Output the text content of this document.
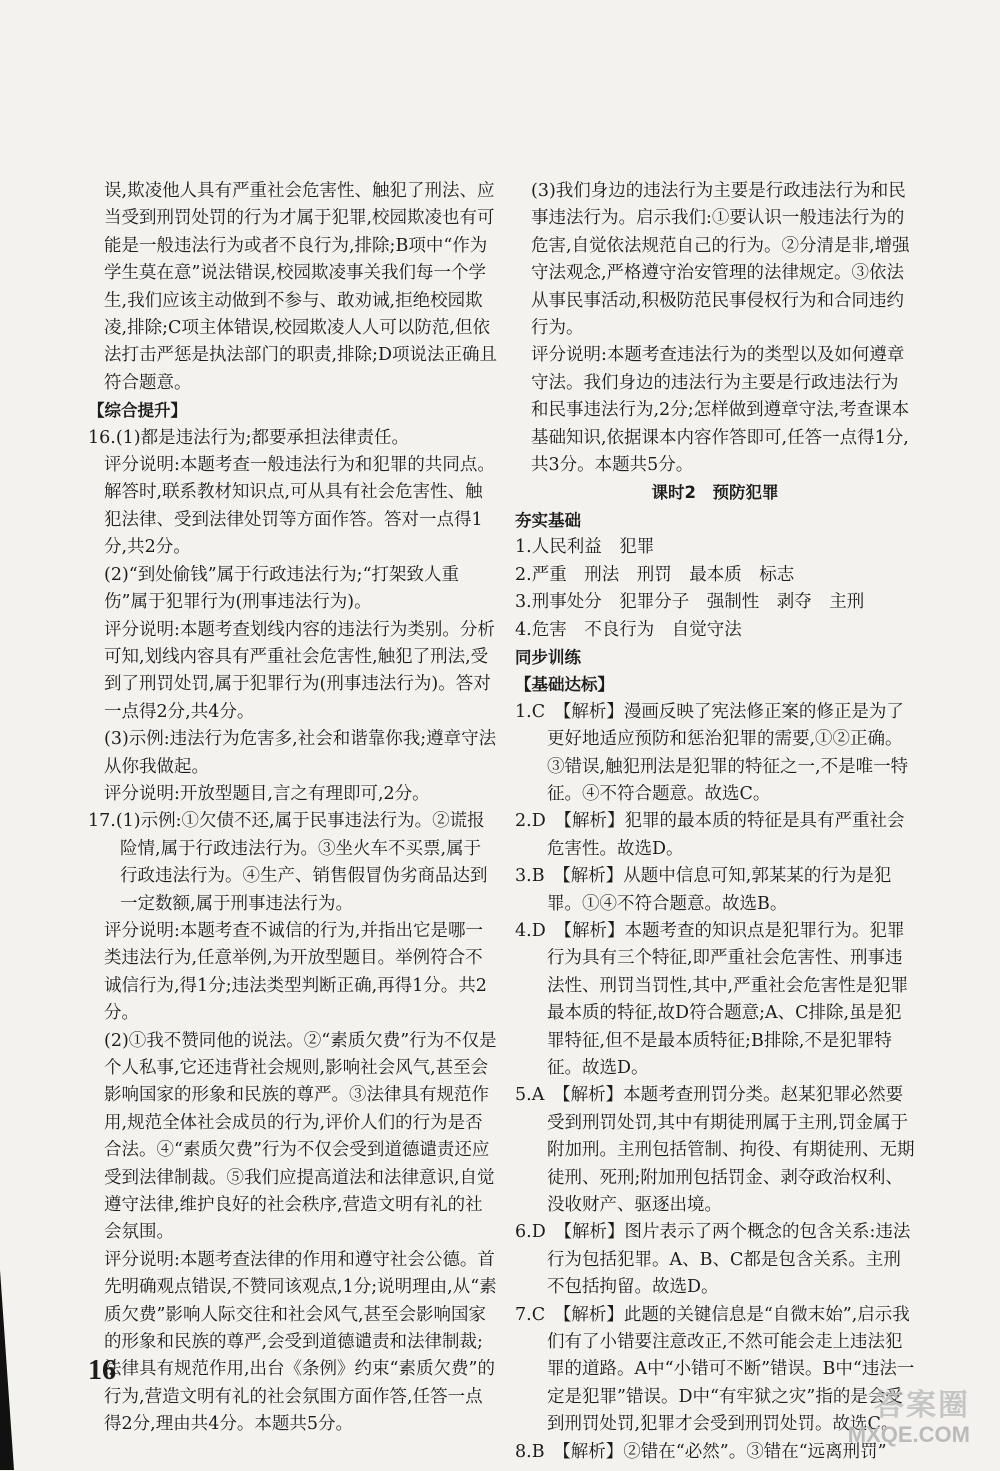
误,欺凌他人具有严重社会危害性、触犯了刑法、应当受到刑罚处罚的行为才属于犯罪,校园欺凌也有可能是一般违法行为或者不良行为,排除;B项中“作为学生莫在意”说法错误,校园欺凌事关我们每一个学生,我们应该主动做到不参与、敢劝诫,拒绝校园欺凌,排除;C项主体错误,校园欺凌人人可以防范,但依法打击严惩是执法部门的职责,排除;D项说法正确且符合题意。

【综合提升】

16.(1)都是违法行为;都要承担法律责任。

评分说明:本题考查一般违法行为和犯罪的共同点。解答时,联系教材知识点,可从具有社会危害性、触犯法律、受到法律处罚等方面作答。答对一点得1分,共2分。

(2)“到处偷钱”属于行政违法行为;“打架致人重伤”属于犯罪行为(刑事违法行为)。

评分说明:本题考查划线内容的违法行为类别。分析可知,划线内容具有严重社会危害性,触犯了刑法,受到了刑罚处罚,属于犯罪行为(刑事违法行为)。答对一点得2分,共4分。

(3)示例:违法行为危害多,社会和谐靠你我;遵章守法从你我做起。

评分说明:开放型题目,言之有理即可,2分。

17.(1)示例:①欠债不还,属于民事违法行为。②谎报险情,属于行政违法行为。③坐火车不买票,属于行政违法行为。④生产、销售假冒伪劣商品达到一定数额,属于刑事违法行为。

评分说明:本题考查不诚信的行为,并指出它是哪一类违法行为,任意举例,为开放型题目。举例符合不诚信行为,得1分;违法类型判断正确,再得1分。共2分。

(2)①我不赞同他的说法。②“素质欠费”行为不仅是个人私事,它还违背社会规则,影响社会风气,甚至会影响国家的形象和民族的尊严。③法律具有规范作用,规范全体社会成员的行为,评价人们的行为是否合法。④“素质欠费”行为不仅会受到道德谴责还应受到法律制裁。⑤我们应提高道法和法律意识,自觉遵守法律,维护良好的社会秩序,营造文明有礼的社会氛围。

评分说明:本题考查法律的作用和遵守社会公德。首先明确观点错误,不赞同该观点,1分;说明理由,从“素质欠费”影响人际交往和社会风气,甚至会影响国家的形象和民族的尊严,会受到道德谴责和法律制裁;法律具有规范作用,出台《条例》约束“素质欠费”的行为,营造文明有礼的社会氛围方面作答,任答一点得2分,理由共4分。本题共5分。

(3)我们身边的违法行为主要是行政违法行为和民事违法行为。启示我们:①要认识一般违法行为的危害,自觉依法规范自己的行为。②分清是非,增强守法观念,严格遵守治安管理的法律规定。③依法从事民事活动,积极防范民事侵权行为和合同违约行为。

评分说明:本题考查违法行为的类型以及如何遵章守法。我们身边的违法行为主要是行政违法行为和民事违法行为,2分;怎样做到遵章守法,考查课本基础知识,依据课本内容作答即可,任答一点得1分,共3分。本题共5分。

课时2　预防犯罪

夯实基础

1.人民利益　犯罪

2.严重　刑法　刑罚　最本质　标志

3.刑事处分　犯罪分子　强制性　剥夺　主刑

4.危害　不良行为　自觉守法

同步训练

【基础达标】

1.C　【解析】漫画反映了宪法修正案的修正是为了更好地适应预防和惩治犯罪的需要,①②正确。③错误,触犯刑法是犯罪的特征之一,不是唯一特征。④不符合题意。故选C。

2.D　【解析】犯罪的最本质的特征是具有严重社会危害性。故选D。

3.B　【解析】从题中信息可知,郭某某的行为是犯罪。①④不符合题意。故选B。

4.D　【解析】本题考查的知识点是犯罪行为。犯罪行为具有三个特征,即严重社会危害性、刑事违法性、刑罚当罚性,其中,严重社会危害性是犯罪最本质的特征,故D符合题意;A、C排除,虽是犯罪特征,但不是最本质特征;B排除,不是犯罪特征。故选D。

5.A　【解析】本题考查刑罚分类。赵某犯罪必然要受到刑罚处罚,其中有期徒刑属于主刑,罚金属于附加刑。主刑包括管制、拘役、有期徒刑、无期徒刑、死刑;附加刑包括罚金、剥夺政治权利、没收财产、驱逐出境。

6.D　【解析】图片表示了两个概念的包含关系:违法行为包括犯罪。A、B、C都是包含关系。主刑不包括拘留。故选D。

7.C　【解析】此题的关键信息是“自微末始”,启示我们有了小错要注意改正,不然可能会走上违法犯罪的道路。A中“小错可不断”错误。B中“违法一定是犯罪”错误。D中“有牢狱之灾”指的是会受到刑罚处罚,犯罪才会受到刑罚处罚。故选C。

8.B　【解析】②错在“必然”。③错在“远离刑罚”

16
答案圈
MXQE.COM
